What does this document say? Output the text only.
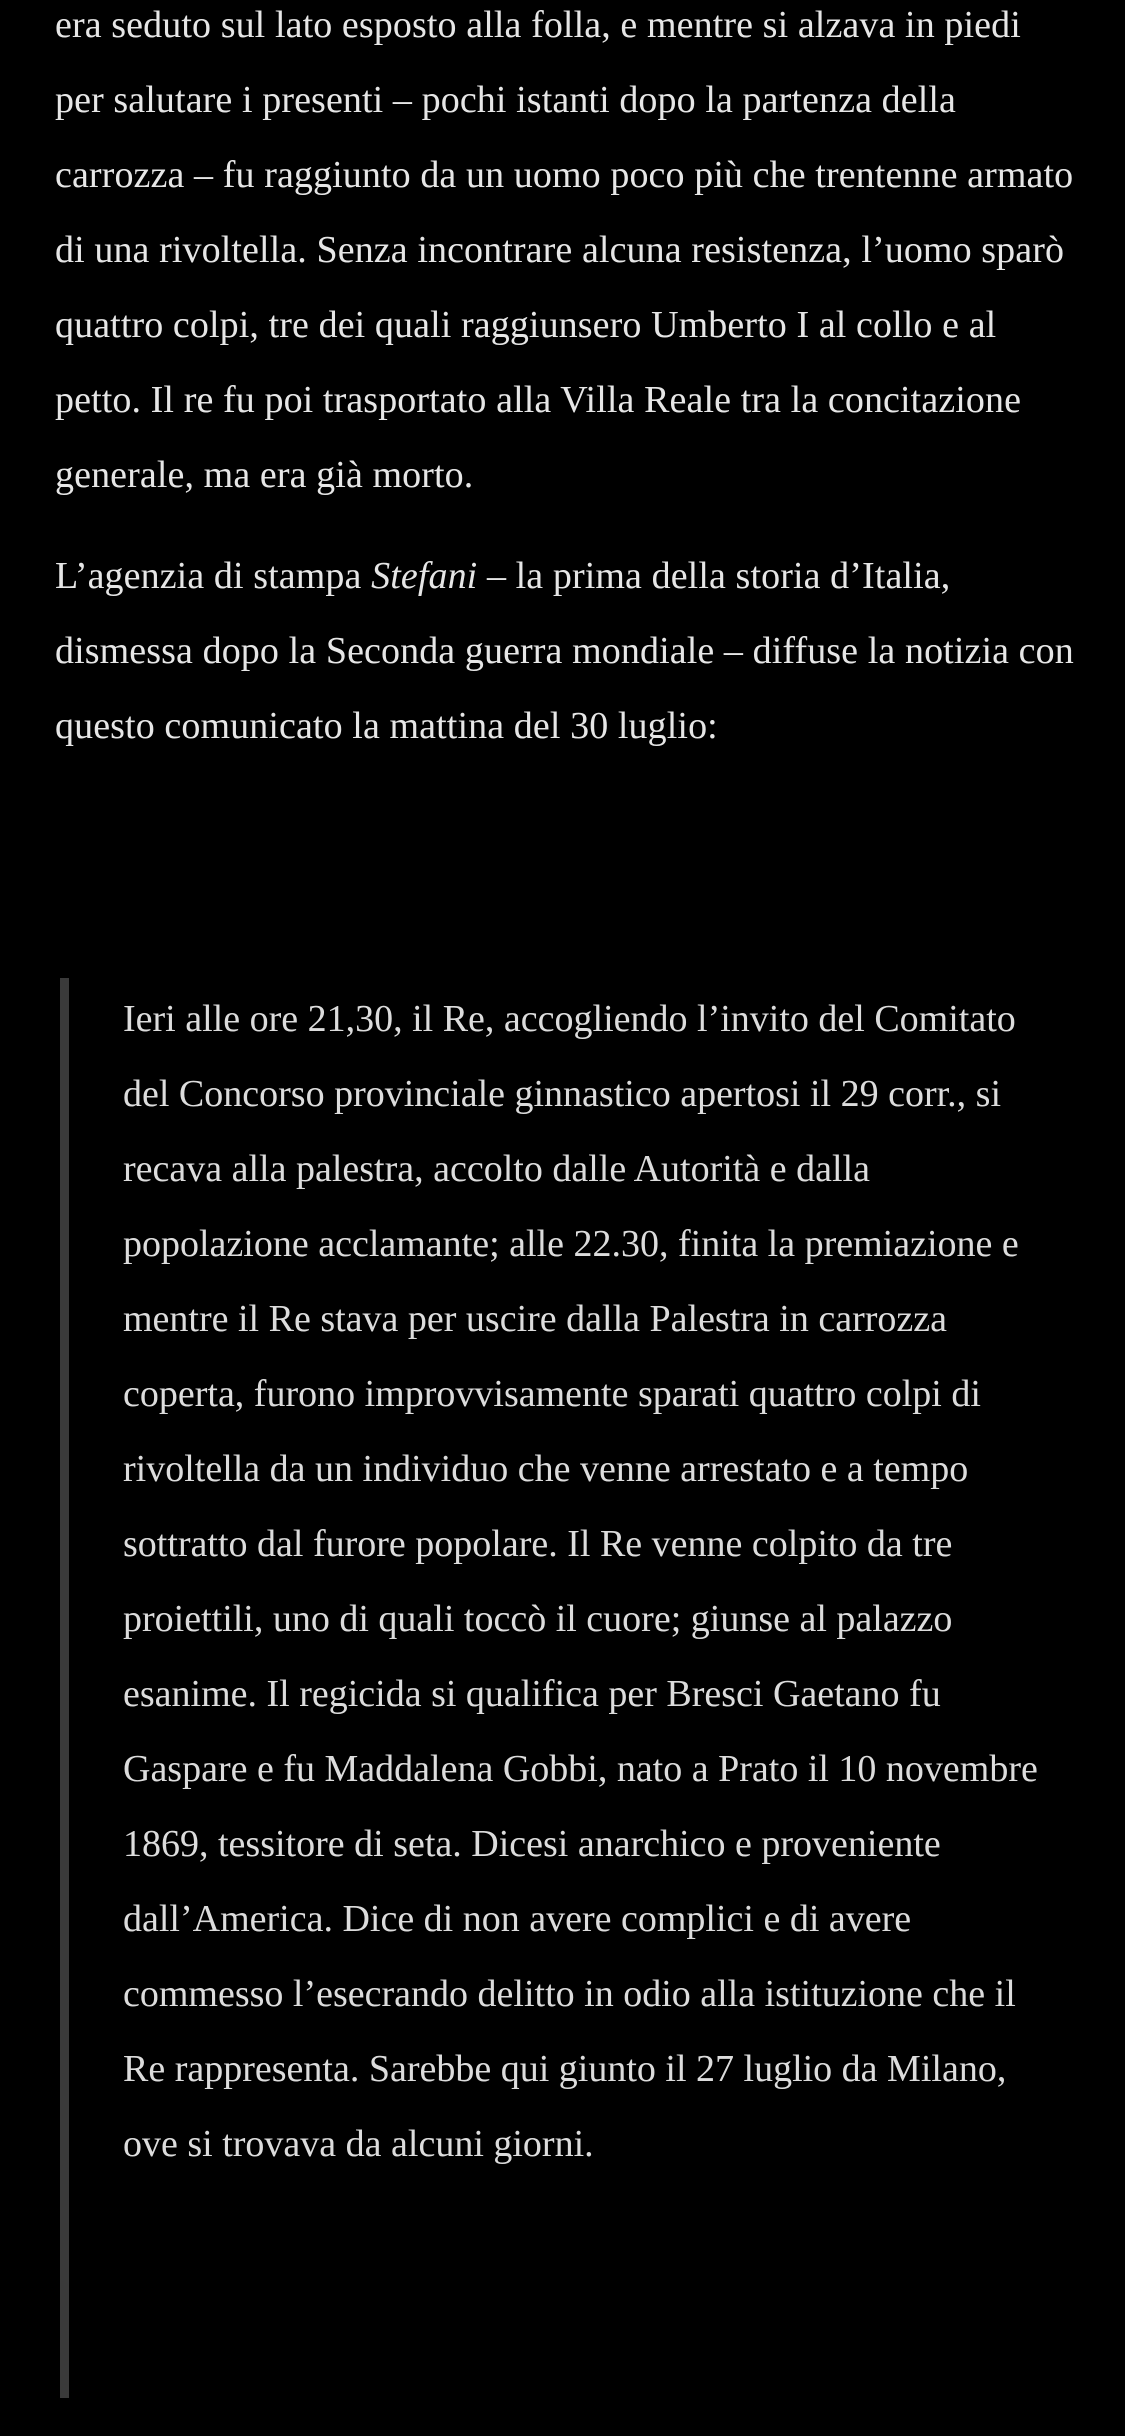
era seduto sul lato esposto alla folla, e mentre si alzava in piedi per salutare i presenti – pochi istanti dopo la partenza della carrozza – fu raggiunto da un uomo poco più che trentenne armato di una rivoltella. Senza incontrare alcuna resistenza, l’uomo sparò quattro colpi, tre dei quali raggiunsero Umberto I al collo e al petto. Il re fu poi trasportato alla Villa Reale tra la concitazione generale, ma era già morto.

L’agenzia di stampa Stefani – la prima della storia d’Italia, dismessa dopo la Seconda guerra mondiale – diffuse la notizia con questo comunicato la mattina del 30 luglio:

Ieri alle ore 21,30, il Re, accogliendo l’invito del Comitato del Concorso provinciale ginnastico apertosi il 29 corr., si recava alla palestra, accolto dalle Autorità e dalla popolazione acclamante; alle 22.30, finita la premiazione e mentre il Re stava per uscire dalla Palestra in carrozza coperta, furono improvvisamente sparati quattro colpi di rivoltella da un individuo che venne arrestato e a tempo sottratto dal furore popolare. Il Re venne colpito da tre proiettili, uno di quali toccò il cuore; giunse al palazzo esanime. Il regicida si qualifica per Bresci Gaetano fu Gaspare e fu Maddalena Gobbi, nato a Prato il 10 novembre 1869, tessitore di seta. Dicesi anarchico e proveniente dall’America. Dice di non avere complici e di avere commesso l’esecrando delitto in odio alla istituzione che il Re rappresenta. Sarebbe qui giunto il 27 luglio da Milano, ove si trovava da alcuni giorni.
